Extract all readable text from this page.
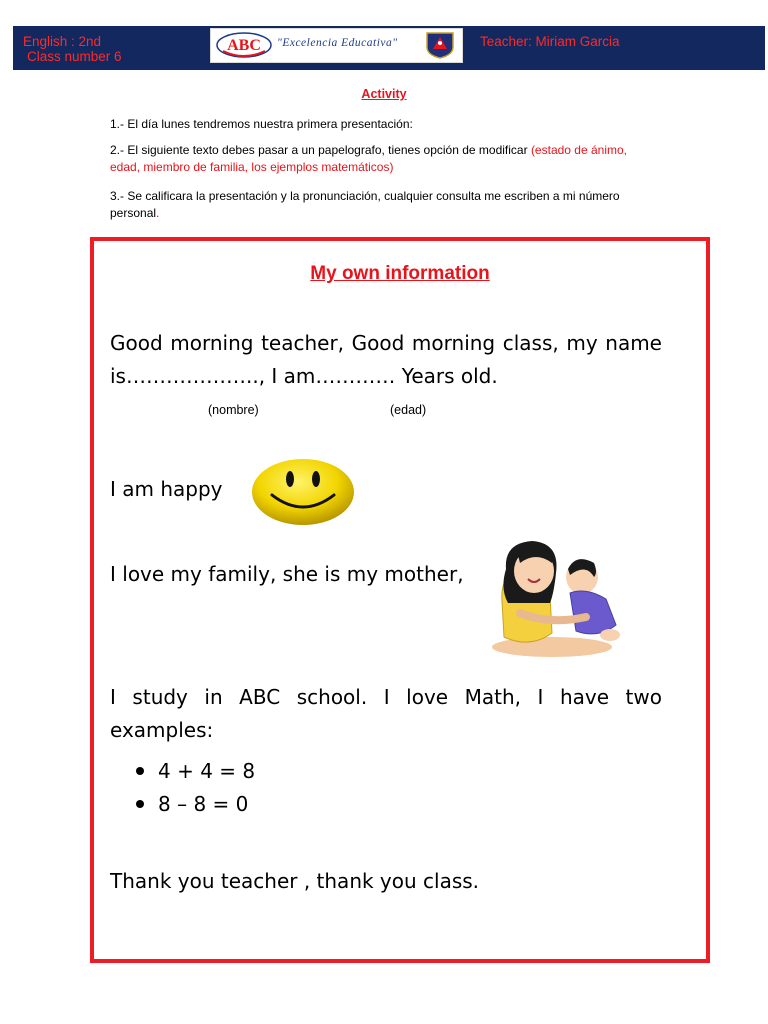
English : 2nd
Class number 6
ABC "Excelencia Educativa"	Teacher: Miriam Garcia
Activity
1.- El día lunes tendremos nuestra primera presentación:
2.- El siguiente texto debes pasar a un papelografo, tienes opción de modificar (estado de ánimo, edad, miembro de familia, los ejemplos matemáticos)
3.- Se calificara la presentación y la pronunciación, cualquier consulta me escriben a mi número personal.
My own information
Good morning teacher, Good morning class, my name is……………….., I am………… Years old.
(nombre)	(edad)
I am happy
I love my family, she is my mother,
I study in ABC school. I love Math, I have two examples:
4 + 4 = 8
8 – 8 = 0
Thank you teacher , thank you class.
